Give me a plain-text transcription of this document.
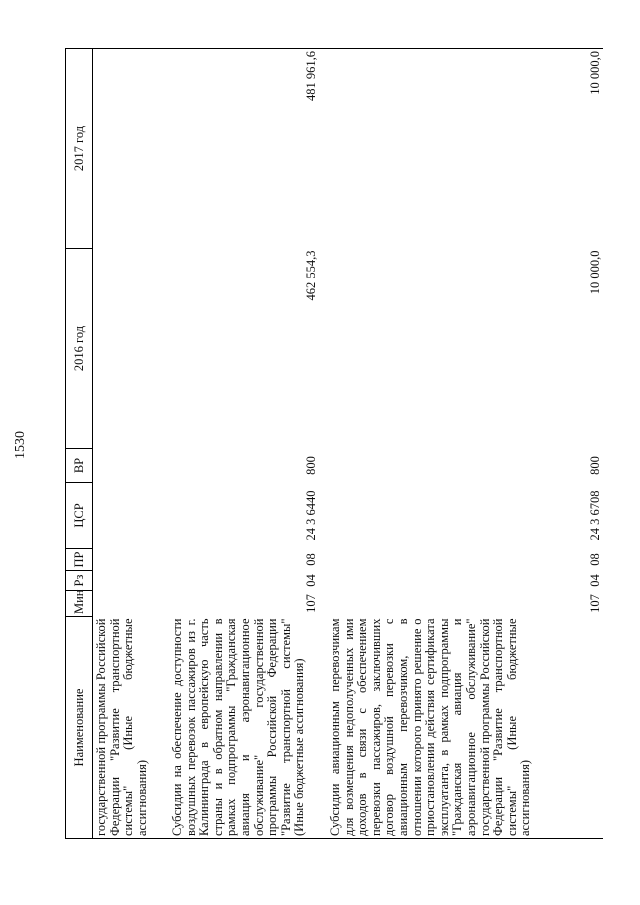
1530
Наименование	Мин	Рз	ПР	ЦСР	ВР	2016 год	2017 год
государственной программы Российской Федерации "Развитие транспортной системы" (Иные бюджетные ассигнования)							
Субсидии на обеспечение доступности воздушных перевозок пассажиров из г. Калининграда в европейскую часть страны и в обратном направлении в рамках подпрограммы "Гражданская авиация и аэронавигационное обслуживание" государственной программы Российской Федерации "Развитие транспортной системы" (Иные бюджетные ассигнования)	107	04	08	24 3 6440	800	462 554,3	481 961,6
Субсидии авиационным перевозчикам для возмещения недополученных ими доходов в связи с обеспечением перевозки пассажиров, заключивших договор воздушной перевозки с авиационным перевозчиком, в отношении которого принято решение о приостановлении действия сертификата эксплуатанта, в рамках подпрограммы "Гражданская авиация и аэронавигационное обслуживание" государственной программы Российской Федерации "Развитие транспортной системы" (Иные бюджетные ассигнования)	107	04	08	24 3 6708	800	10 000,0	10 000,0
